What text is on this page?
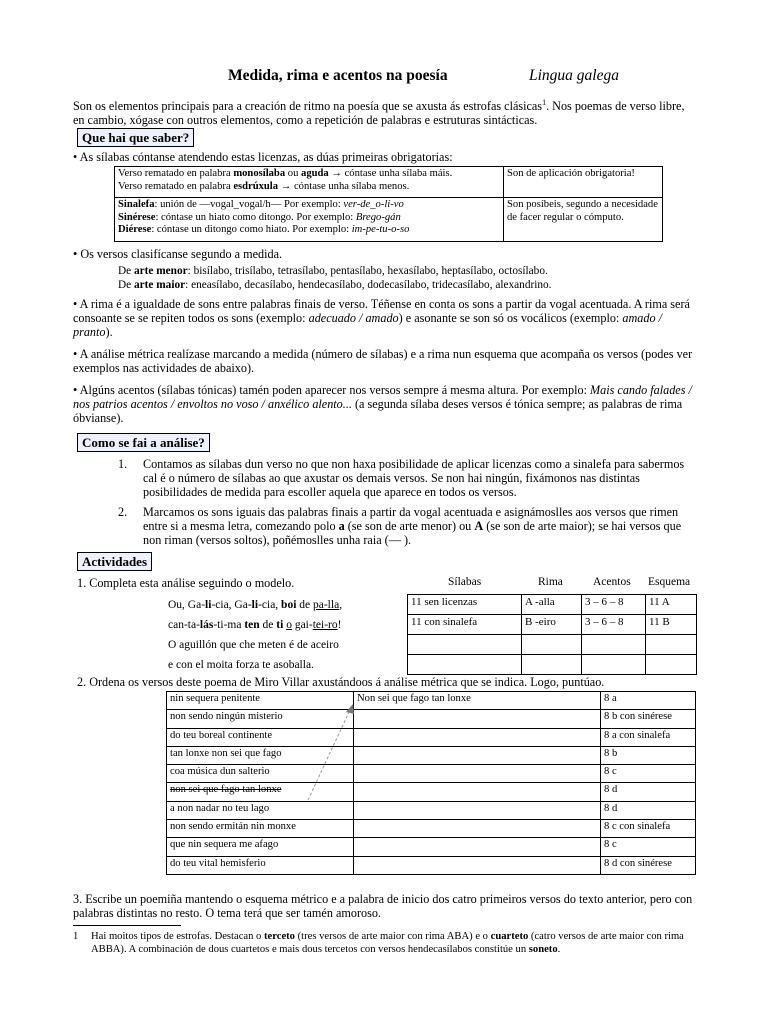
Medida, rima e acentos na poesía	Lingua galega
Son os elementos principais para a creación de ritmo na poesía que se axusta ás estrofas clásicas$^1$. Nos poemas de verso libre, en cambio, xógase con outros elementos, como a repetición de palabras e estruturas sintácticas.
Que hai que saber?
• As sílabas cóntanse atendendo estas licenzas, as dúas primeiras obrigatorias:
Verso rematado en palabra monosílaba ou aguda → cóntase unha sílaba máis.
Verso rematado en palabra esdrúxula → cóntase unha sílaba menos.	Son de aplicación obrigatoria!
Sinalefa: unión de —vogal_vogal/h— Por exemplo: ver-de_o-li-vo
Sinérese: cóntase un hiato como ditongo. Por exemplo: Brego-gán
Diérese: cóntase un ditongo como hiato. Por exemplo: im-pe-tu-o-so	Son posíbeis, segundo a necesidade de facer regular o cómputo.
• Os versos clasifícanse segundo a medida.
De arte menor: bisílabo, trisílabo, tetrasílabo, pentasílabo, hexasílabo, heptasílabo, octosílabo.
De arte maior: eneasílabo, decasílabo, hendecasílabo, dodecasílabo, tridecasílabo, alexandrino.
• A rima é a igualdade de sons entre palabras finais de verso. Téñense en conta os sons a partir da vogal acentuada. A rima será consoante se se repiten todos os sons (exemplo: adecuado / amado) e asonante se son só os vocálicos (exemplo: amado / pranto).
• A análise métrica realízase marcando a medida (número de sílabas) e a rima nun esquema que acompaña os versos (podes ver exemplos nas actividades de abaixo).
• Algúns acentos (sílabas tónicas) tamén poden aparecer nos versos sempre á mesma altura. Por exemplo: Mais cando falades / nos patrios acentos / envoltos no voso / anxélico alento... (a segunda sílaba deses versos é tónica sempre; as palabras de rima óbvianse).
Como se fai a análise?
1. Contamos as sílabas dun verso no que non haxa posibilidade de aplicar licenzas como a sinalefa para sabermos cal é o número de sílabas ao que axustar os demais versos. Se non hai ningún, fixámonos nas distintas posibilidades de medida para escoller aquela que aparece en todos os versos.
2. Marcamos os sons iguais das palabras finais a partir da vogal acentuada e asignámoslles aos versos que rimen entre si a mesma letra, comezando polo a (se son de arte menor) ou A (se son de arte maior); se hai versos que non riman (versos soltos), poñémoslles unha raia (— ).
Actividades
1. Completa esta análise seguindo o modelo.	Sílabas	Rima	Acentos Esquema
Ou, Ga-li-cia, Ga-li-cia, boi de pa-lla,
can-ta-lás-ti-ma ten de ti o gai-tei-ro!
O aguillón que che meten é de aceiro
e con el moita forza te asoballa.
11 sen licenzas	A -alla	3 – 6 – 8	11 A
11 con sinalefa	B -eiro	3 – 6 – 8	11 B

2. Ordena os versos deste poema de Miro Villar axustándoos á análise métrica que se indica. Logo, puntúao.
nin sequera penitente	Non sei que fago tan lonxe	8 a
non sendo ningún misterio		8 b con sinérese
do teu boreal continente		8 a con sinalefa
tan lonxe non sei que fago		8 b
coa música dun salterio		8 c
non sei que fago tan lonxe		8 d
a non nadar no teu lago		8 d
non sendo ermitán nin monxe		8 c con sinalefa
que nin sequera me afago		8 c
do teu vital hemisferio		8 d con sinérese
3. Escribe un poemiña mantendo o esquema métrico e a palabra de inicio dos catro primeiros versos do texto anterior, pero con palabras distintas no resto. O tema terá que ser tamén amoroso.
1 Hai moitos tipos de estrofas. Destacan o terceto (tres versos de arte maior con rima ABA) e o cuarteto (catro versos de arte maior con rima ABBA). A combinación de dous cuartetos e mais dous tercetos con versos hendecasílabos constitúe un soneto.
